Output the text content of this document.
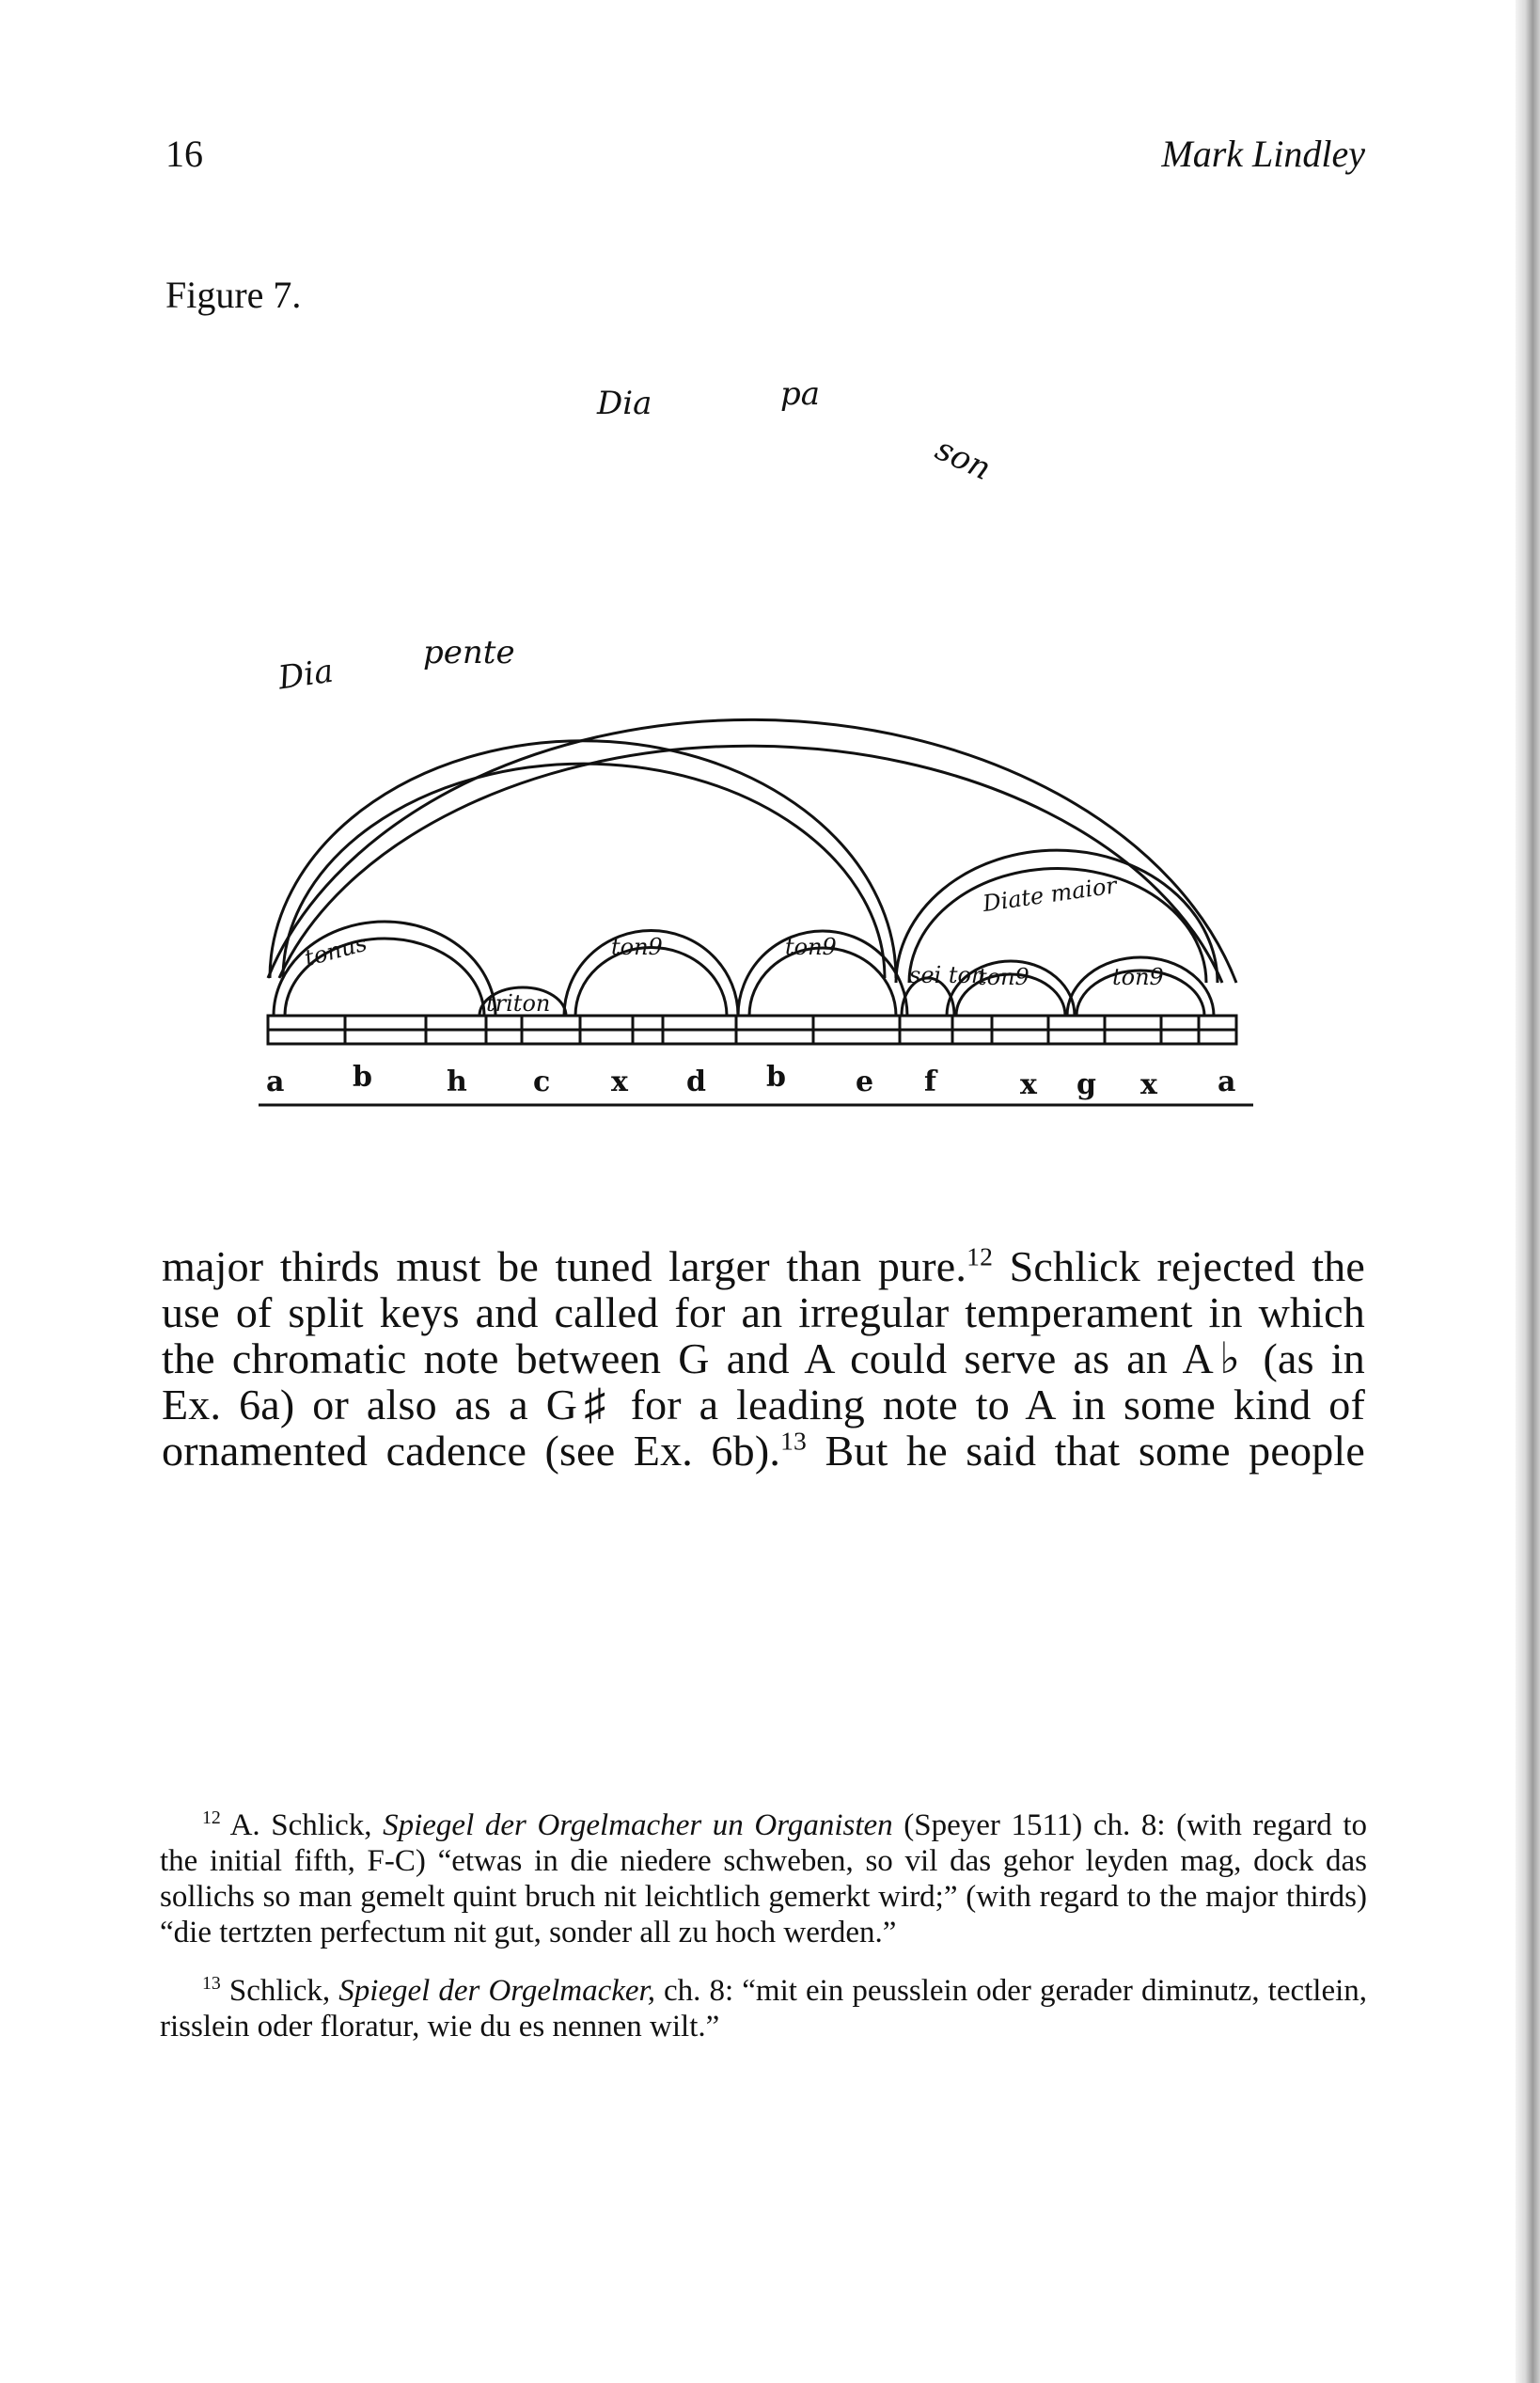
16	Mark Lindley
Figure 7.
Dia	pa
son
Dia	pente
Diate maior
tonus
triton
ton9	ton9
sei ton
ton9	ton9
a b	h c x d b e f	x g x a
major thirds must be tuned larger than pure.$^{12}$ Schlick rejected the
use of split keys and called for an irregular temperament in which
the chromatic note between G and A could serve as an A♭ (as in
Ex. 6a) or also as a G♯ for a leading note to A in some kind of
ornamented cadence (see Ex. 6b).$^{13}$ But he said that some people

$^{12}$ A. Schlick, Spiegel der Orgelmacher un Organisten (Speyer 1511) ch. 8: (with regard to the initial fifth, F-C) “etwas in die niedere schweben, so vil das gehor leyden mag, dock das sollichs so man gemelt quint bruch nit leichtlich gemerkt wird;” (with regard to the major thirds) “die tertzten perfectum nit gut, sonder all zu hoch werden.”

$^{13}$ Schlick, Spiegel der Orgelmacker, ch. 8: “mit ein peusslein oder gerader diminutz, tectlein, risslein oder floratur, wie du es nennen wilt.”
